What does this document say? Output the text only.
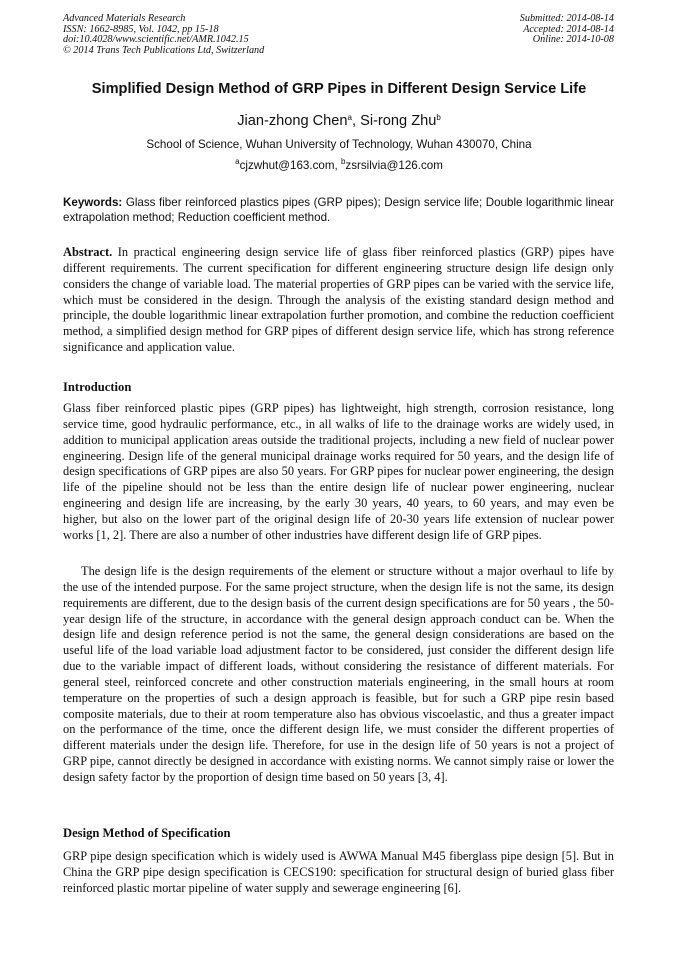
Advanced Materials Research
ISSN: 1662-8985, Vol. 1042, pp 15-18
doi:10.4028/www.scientific.net/AMR.1042.15
© 2014 Trans Tech Publications Ltd, Switzerland
Submitted: 2014-08-14
Accepted: 2014-08-14
Online: 2014-10-08
Simplified Design Method of GRP Pipes in Different Design Service Life
Jian-zhong Chen$^a$, Si-rong Zhu$^b$
School of Science, Wuhan University of Technology, Wuhan 430070, China
$^a$cjzwhut@163.com, $^b$zsrsilvia@126.com
Keywords: Glass fiber reinforced plastics pipes (GRP pipes); Design service life; Double logarithmic linear extrapolation method; Reduction coefficient method.

Abstract. In practical engineering design service life of glass fiber reinforced plastics (GRP) pipes have different requirements. The current specification for different engineering structure design life design only considers the change of variable load. The material properties of GRP pipes can be varied with the service life, which must be considered in the design. Through the analysis of the existing standard design method and principle, the double logarithmic linear extrapolation further promotion, and combine the reduction coefficient method, a simplified design method for GRP pipes of different design service life, which has strong reference significance and application value.

Introduction

Glass fiber reinforced plastic pipes (GRP pipes) has lightweight, high strength, corrosion resistance, long service time, good hydraulic performance, etc., in all walks of life to the drainage works are widely used, in addition to municipal application areas outside the traditional projects, including a new field of nuclear power engineering. Design life of the general municipal drainage works required for 50 years, and the design life of design specifications of GRP pipes are also 50 years. For GRP pipes for nuclear power engineering, the design life of the pipeline should not be less than the entire design life of nuclear power engineering, nuclear engineering and design life are increasing, by the early 30 years, 40 years, to 60 years, and may even be higher, but also on the lower part of the original design life of 20-30 years life extension of nuclear power works [1, 2]. There are also a number of other industries have different design life of GRP pipes.

The design life is the design requirements of the element or structure without a major overhaul to life by the use of the intended purpose. For the same project structure, when the design life is not the same, its design requirements are different, due to the design basis of the current design specifications are for 50 years , the 50-year design life of the structure, in accordance with the general design approach conduct can be. When the design life and design reference period is not the same, the general design considerations are based on the useful life of the load variable load adjustment factor to be considered, just consider the different design life due to the variable impact of different loads, without considering the resistance of different materials. For general steel, reinforced concrete and other construction materials engineering, in the small hours at room temperature on the properties of such a design approach is feasible, but for such a GRP pipe resin based composite materials, due to their at room temperature also has obvious viscoelastic, and thus a greater impact on the performance of the time, once the different design life, we must consider the different properties of different materials under the design life. Therefore, for use in the design life of 50 years is not a project of GRP pipe, cannot directly be designed in accordance with existing norms. We cannot simply raise or lower the design safety factor by the proportion of design time based on 50 years [3, 4].

Design Method of Specification

GRP pipe design specification which is widely used is AWWA Manual M45 fiberglass pipe design [5]. But in China the GRP pipe design specification is CECS190: specification for structural design of buried glass fiber reinforced plastic mortar pipeline of water supply and sewerage engineering [6].
